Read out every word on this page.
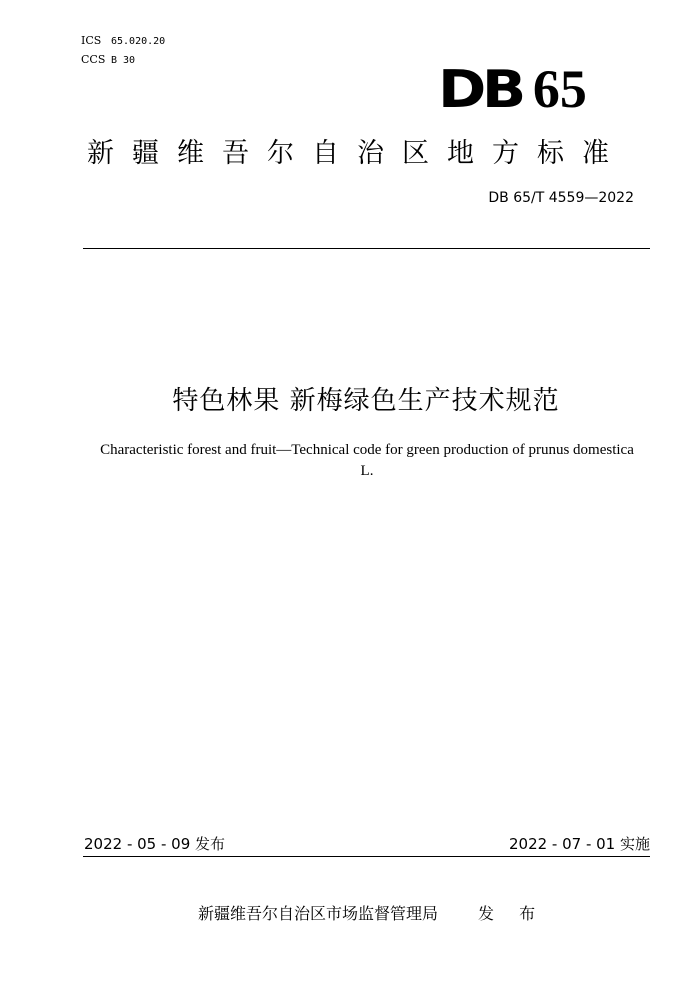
ICS 65.020.20
CCS B 30	DB 65
新疆维吾尔自治区地方标准
DB 65/T 4559—2022
特色林果 新梅绿色生产技术规范
Characteristic forest and fruit—Technical code for green production of prunus domestica L.
2022 - 05 - 09 发布	2022 - 07 - 01 实施
新疆维吾尔自治区市场监督管理局 发 布
